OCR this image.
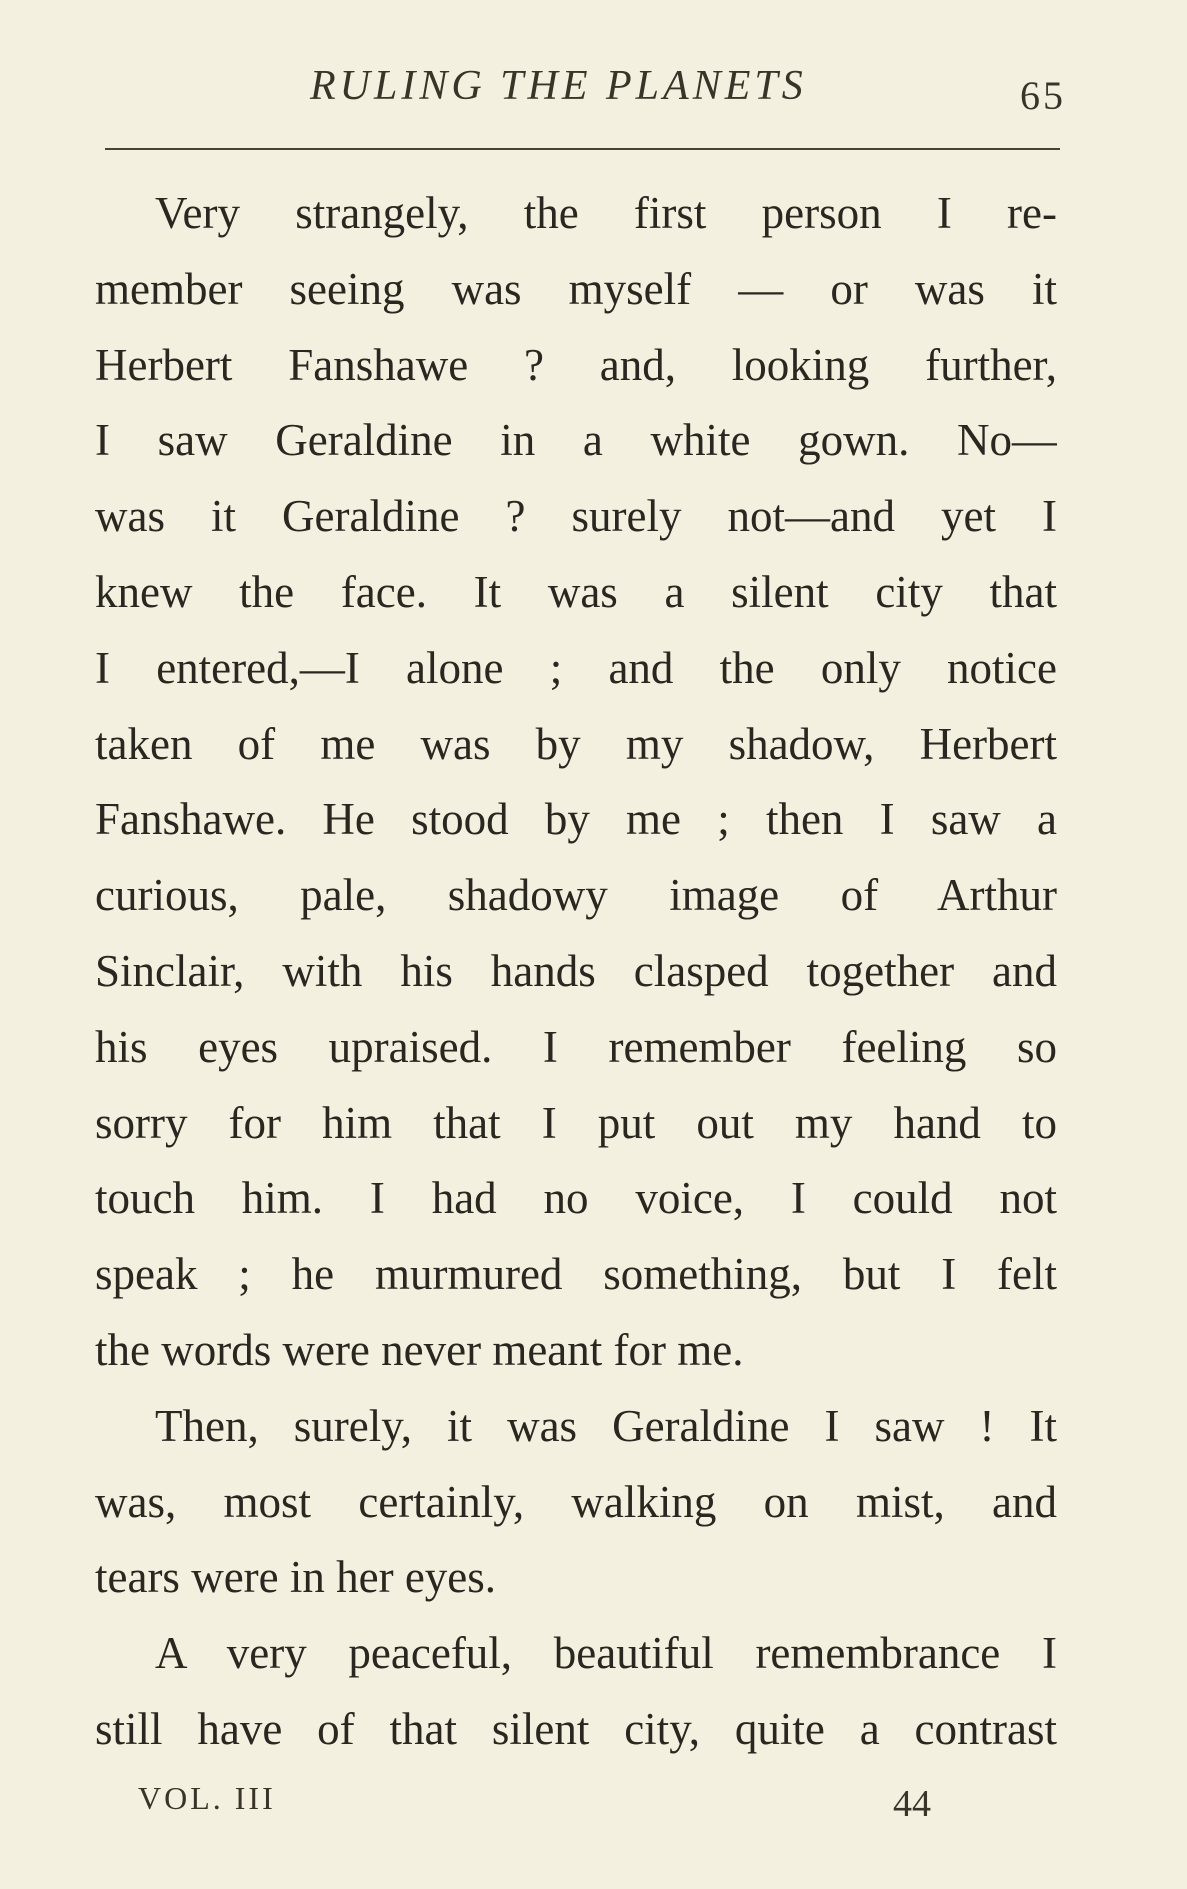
RULING THE PLANETS	65
Very strangely, the first person I re-
member seeing was myself — or was it
Herbert Fanshawe ? and, looking further,
I saw Geraldine in a white gown. No—
was it Geraldine ? surely not—and yet I
knew the face. It was a silent city that
I entered,—I alone ; and the only notice
taken of me was by my shadow, Herbert
Fanshawe. He stood by me ; then I saw a
curious, pale, shadowy image of Arthur
Sinclair, with his hands clasped together and
his eyes upraised. I remember feeling so
sorry for him that I put out my hand to
touch him. I had no voice, I could not
speak ; he murmured something, but I felt
the words were never meant for me.
Then, surely, it was Geraldine I saw ! It
was, most certainly, walking on mist, and
tears were in her eyes.
A very peaceful, beautiful remembrance I
still have of that silent city, quite a contrast
VOL. III	44
